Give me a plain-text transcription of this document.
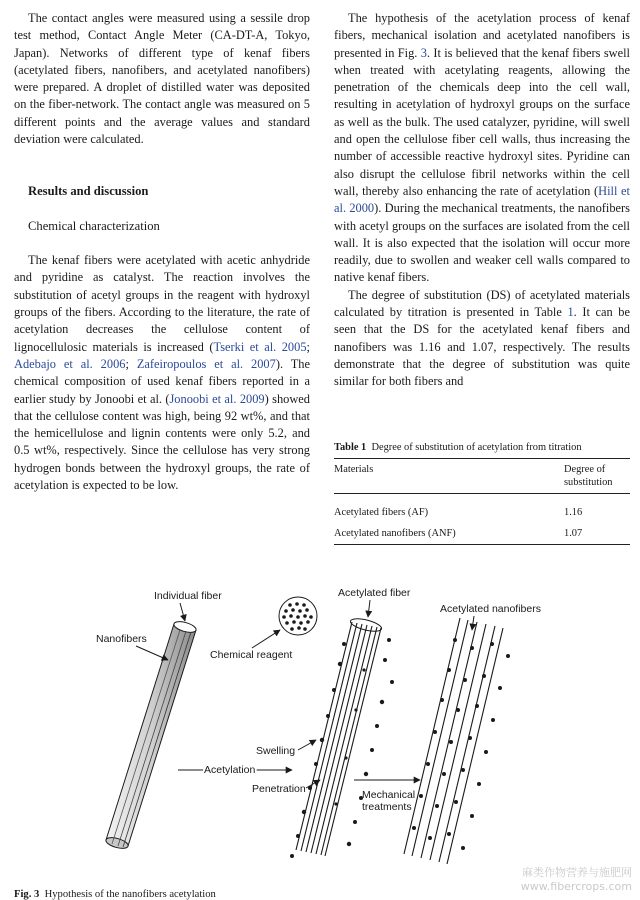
The contact angles were measured using a sessile drop test method, Contact Angle Meter (CA-DT-A, Tokyo, Japan). Networks of different type of kenaf fibers (acetylated fibers, nanofibers, and acetylated nanofibers) were prepared. A droplet of distilled water was deposited on the fiber-network. The contact angle was measured on 5 different points and the average values and standard deviation were calculated.

Results and discussion

Chemical characterization

The kenaf fibers were acetylated with acetic anhydride and pyridine as catalyst. The reaction involves the substitution of acetyl groups in the reagent with hydroxyl groups of the fibers. According to the literature, the rate of acetylation decreases the cellulose content of lignocellulosic materials is increased (Tserki et al. 2005; Adebajo et al. 2006; Zafeiropoulos et al. 2007). The chemical composition of used kenaf fibers reported in a earlier study by Jonoobi et al. (Jonoobi et al. 2009) showed that the cellulose content was high, being 92 wt%, and that the hemicellulose and lignin contents were only 5.2, and 0.5 wt%, respectively. Since the cellulose has very strong hydrogen bonds between the hydroxyl groups, the rate of acetylation is expected to be low.

The hypothesis of the acetylation process of kenaf fibers, mechanical isolation and acetylated nanofibers is presented in Fig. 3. It is believed that the kenaf fibers swell when treated with acetylating reagents, allowing the penetration of the chemicals deep into the cell wall, resulting in acetylation of hydroxyl groups on the surface as well as the bulk. The used catalyzer, pyridine, will swell and open the cellulose fiber cell walls, thus increasing the number of accessible reactive hydroxyl sites. Pyridine can also disrupt the cellulose fibril networks within the cell wall, thereby also enhancing the rate of acetylation (Hill et al. 2000). During the mechanical treatments, the nanofibers with acetyl groups on the surfaces are isolated from the cell wall. It is also expected that the isolation will occur more readily, due to swollen and weaker cell walls compared to native kenaf fibers.

The degree of substitution (DS) of acetylated materials calculated by titration is presented in Table 1. It can be seen that the DS for the acetylated kenaf fibers and nanofibers was 1.16 and 1.07, respectively. The results demonstrate that the degree of substitution was quite similar for both fibers and

Table 1 Degree of substitution of acetylation from titration

Materials	Degree of substitution
Acetylated fibers (AF)	1.16
Acetylated nanofibers (ANF)	1.07
Individual fiber
Nanofibers
Chemical reagent
Acetylated fiber
Acetylation
Swelling
Penetration	Mechanical
treatments
Acetylated nanofibers

Fig. 3 Hypothesis of the nanofibers acetylation

麻类作物营养与施肥网
www.fibercrops.com
